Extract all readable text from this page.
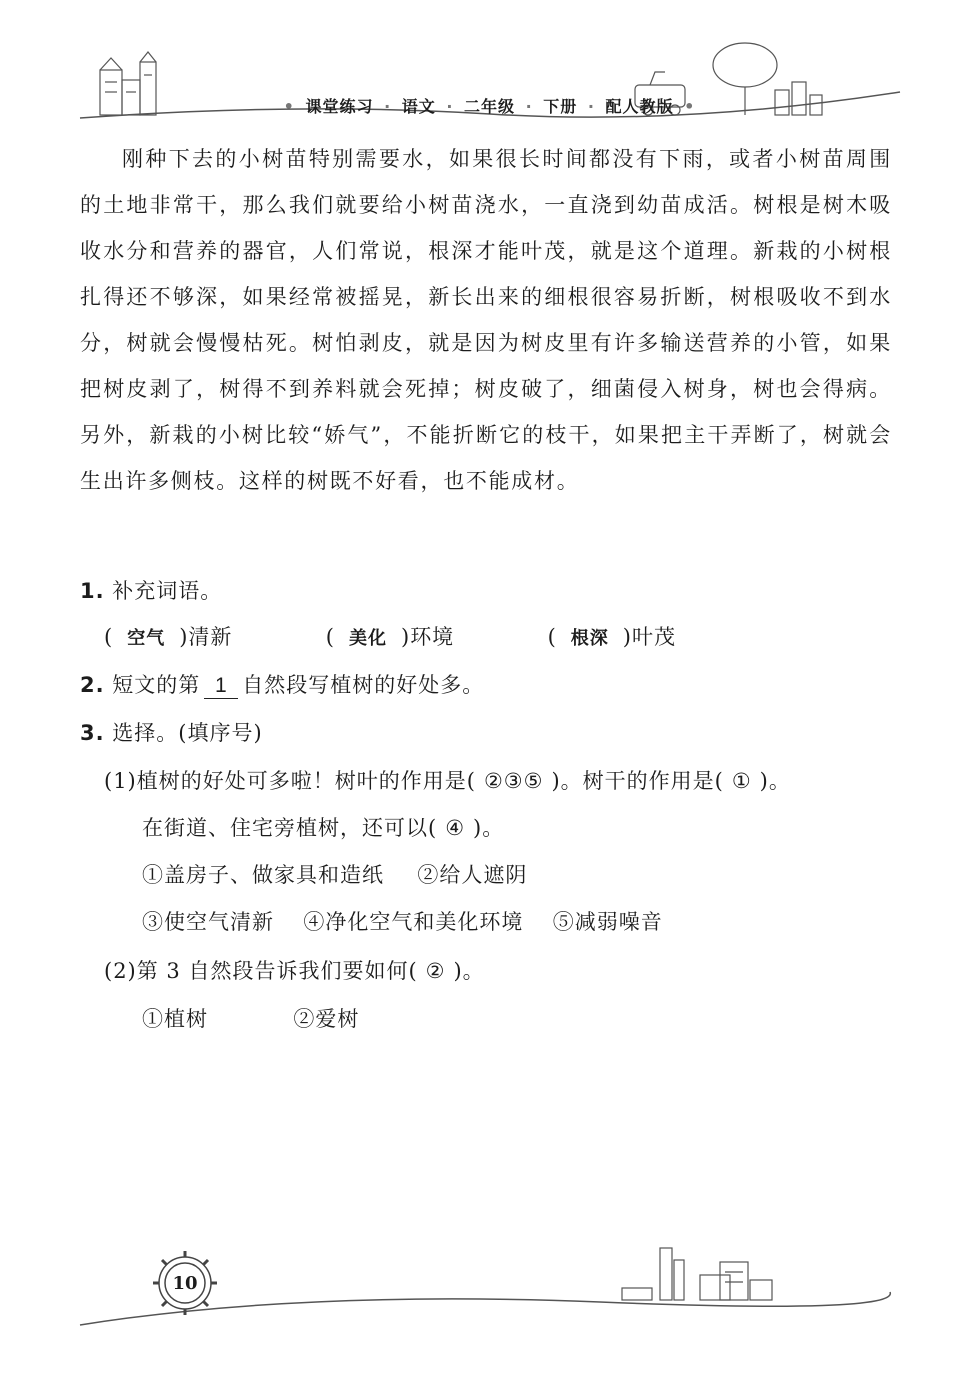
• 课堂练习 · 语文 · 二年级 · 下册 · 配人教版 •

刚种下去的小树苗特别需要水，如果很长时间都没有下雨，或者小树苗周围的土地非常干，那么我们就要给小树苗浇水，一直浇到幼苗成活。树根是树木吸收水分和营养的器官，人们常说，根深才能叶茂，就是这个道理。新栽的小树根扎得还不够深，如果经常被摇晃，新长出来的细根很容易折断，树根吸收不到水分，树就会慢慢枯死。树怕剥皮，就是因为树皮里有许多输送营养的小管，如果把树皮剥了，树得不到养料就会死掉；树皮破了，细菌侵入树身，树也会得病。另外，新栽的小树比较“娇气”，不能折断它的枝干，如果把主干弄断了，树就会生出许多侧枝。这样的树既不好看，也不能成材。

1. 补充词语。
( 空气 )清新	( 美化 )环境	( 根深 )叶茂
2. 短文的第 1 自然段写植树的好处多。
3. 选择。(填序号)
(1)植树的好处可多啦！树叶的作用是( ②③⑤ )。树干的作用是( ① )。
在街道、住宅旁植树，还可以( ④ )。
①盖房子、做家具和造纸 ②给人遮阴
③使空气清新 ④净化空气和美化环境 ⑤减弱噪音
(2)第 3 自然段告诉我们要如何( ② )。
①植树	②爱树
10
